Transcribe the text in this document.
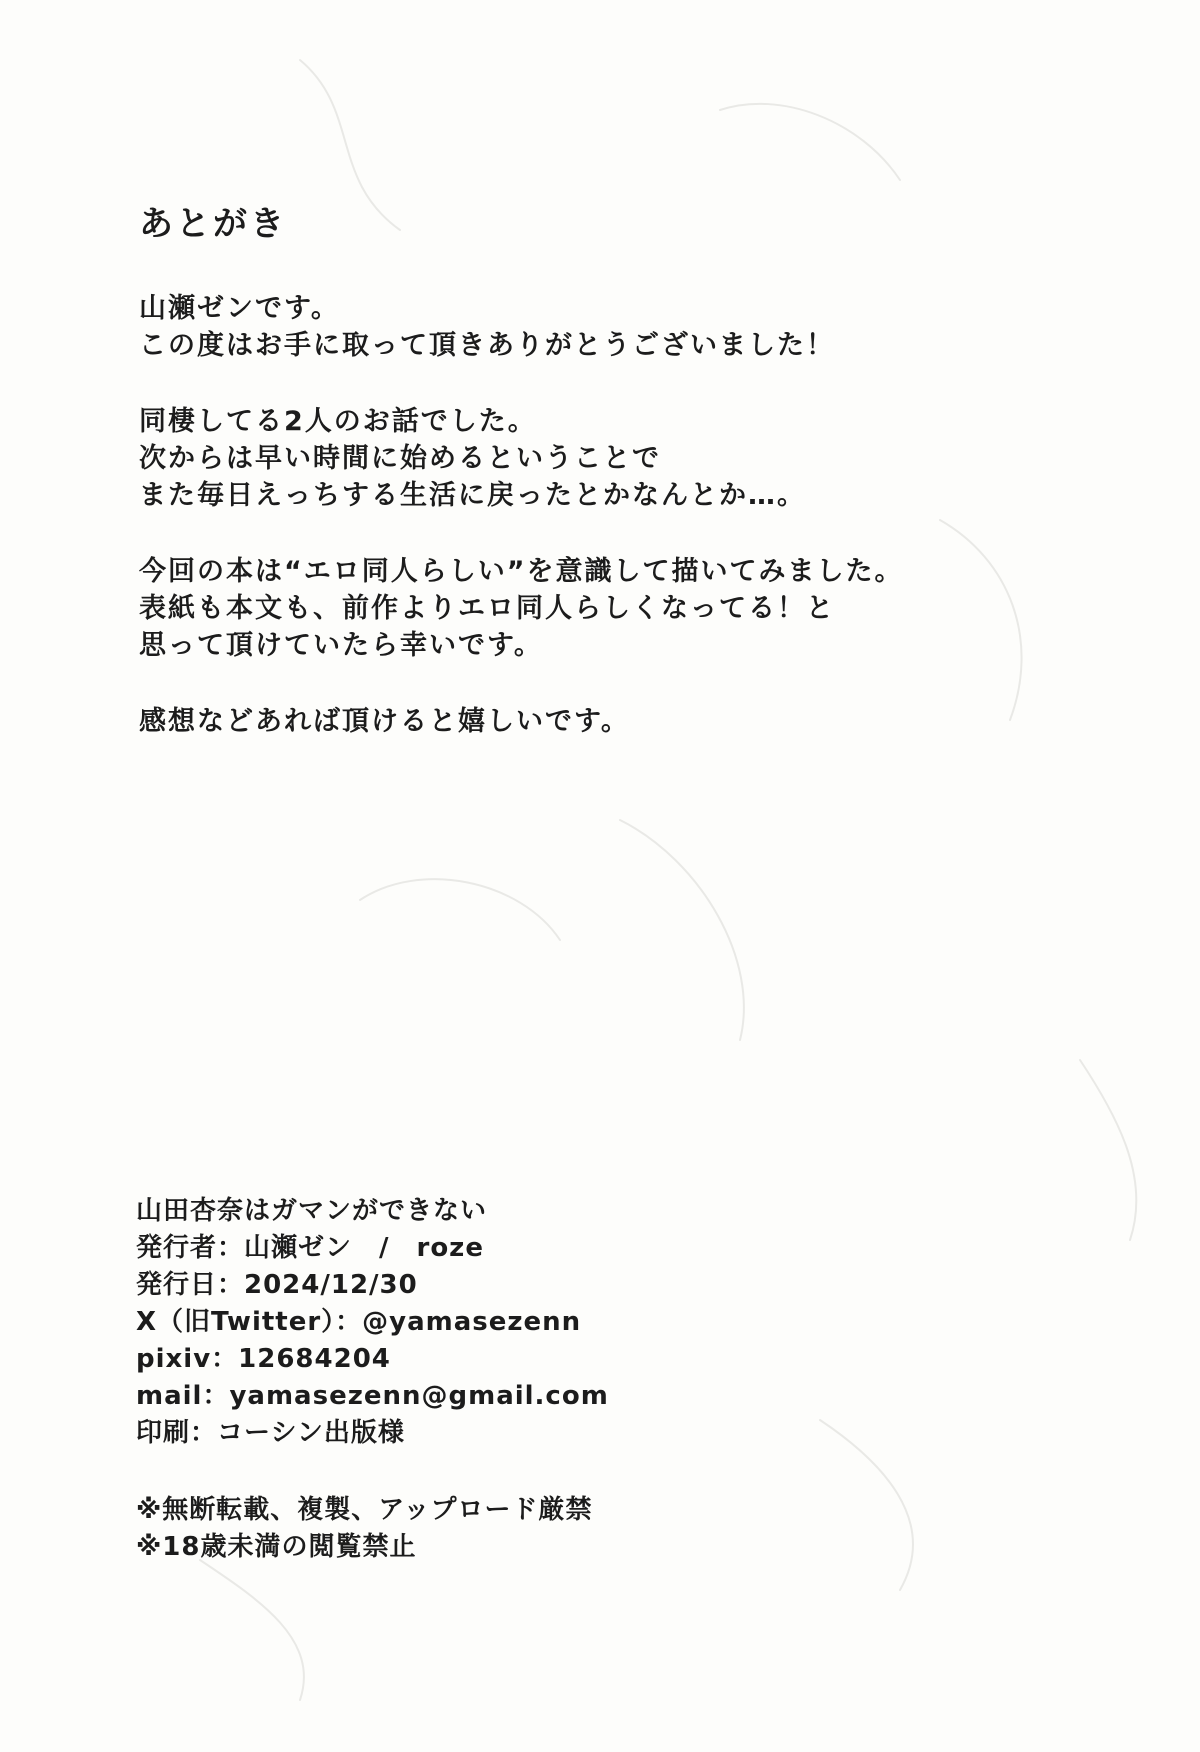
あとがき
山瀬ゼンです。
この度はお手に取って頂きありがとうございました！
同棲してる2人のお話でした。
次からは早い時間に始めるということで
また毎日えっちする生活に戻ったとかなんとか…。
今回の本は“エロ同人らしい”を意識して描いてみました。
表紙も本文も、前作よりエロ同人らしくなってる！と
思って頂けていたら幸いです。
感想などあれば頂けると嬉しいです。
山田杏奈はガマンができない
発行者：山瀬ゼン　/　roze
発行日：2024/12/30
X（旧Twitter）：@yamasezenn
pixiv：12684204
mail：yamasezenn@gmail.com
印刷：コーシン出版様
※無断転載、複製、アップロード厳禁
※18歳未満の閲覧禁止
